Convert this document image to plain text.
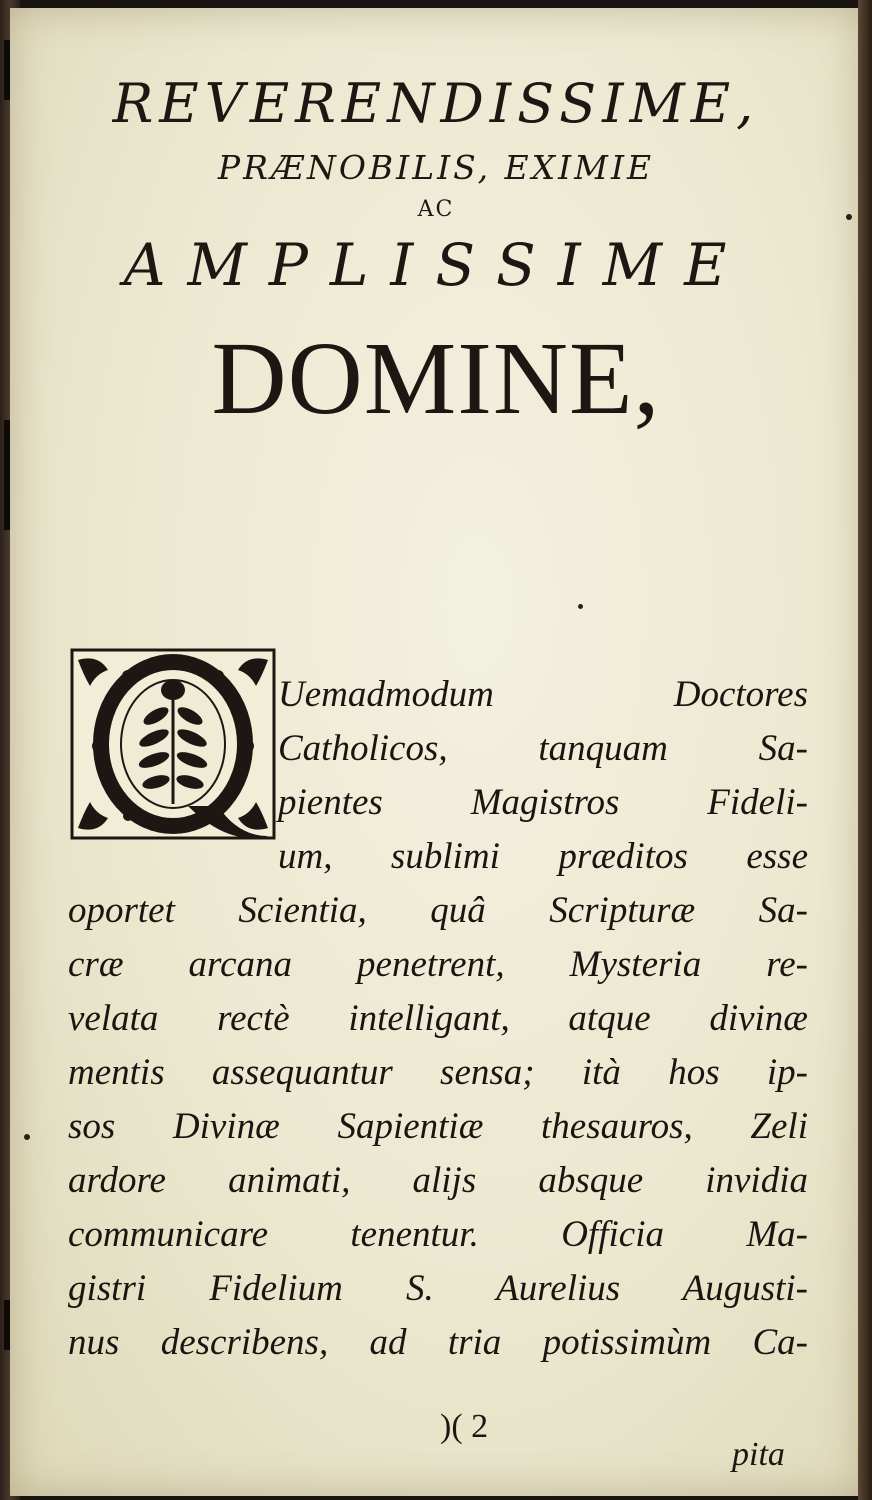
REVERENDISSIME,
PRÆNOBILIS, EXIMIE
AC
AMPLISSIME
DOMINE,
Uemadmodum Doctores
Catholicos, tanquam Sa-
pientes Magistros Fideli-
um, sublimi præditos esse
oportet Scientia, quâ Scripturæ Sa-
cræ arcana penetrent, Mysteria re-
velata rectè intelligant, atque divinæ
mentis assequantur sensa; ità hos ip-
sos Divinæ Sapientiæ thesauros, Zeli
ardore animati, alijs absque invidia
communicare tenentur. Officia Ma-
gistri Fidelium S. Aurelius Augusti-
nus describens, ad tria potissimùm Ca-
)( 2
pita
